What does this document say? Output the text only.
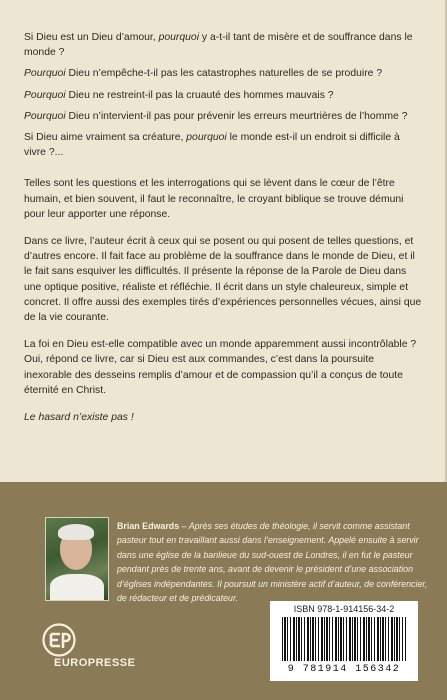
Si Dieu est un Dieu d’amour, pourquoi y a-t-il tant de misère et de souffrance dans le monde ?

Pourquoi Dieu n’empêche-t-il pas les catastrophes naturelles de se produire ?

Pourquoi Dieu ne restreint-il pas la cruauté des hommes mauvais ?

Pourquoi Dieu n’intervient-il pas pour prévenir les erreurs meurtrières de l’homme ?

Si Dieu aime vraiment sa créature, pourquoi le monde est-il un endroit si difficile à vivre ?...

Telles sont les questions et les interrogations qui se lèvent dans le cœur de l’être humain, et bien souvent, il faut le reconnaître, le croyant biblique se trouve démuni pour leur apporter une réponse.

Dans ce livre, l’auteur écrit à ceux qui se posent ou qui posent de telles questions, et d’autres encore. Il fait face au problème de la souffrance dans le monde de Dieu, et il le fait sans esquiver les difficultés. Il présente la réponse de la Parole de Dieu dans une optique positive, réaliste et réfléchie. Il écrit dans un style chaleureux, simple et concret. Il offre aussi des exemples tirés d’expériences personnelles vécues, ainsi que de la vie courante.

La foi en Dieu est-elle compatible avec un monde apparemment aussi incontrôlable ? Oui, répond ce livre, car si Dieu est aux commandes, c’est dans la poursuite inexorable des desseins remplis d’amour et de compassion qu’il a conçus de toute éternité en Christ.

Le hasard n’existe pas !

Brian Edwards – Après ses études de théologie, il servit comme assistant pasteur tout en travaillant aussi dans l’enseignement. Appelé ensuite à servir dans une église de la banlieue du sud-ouest de Londres, il en fut le pasteur pendant près de trente ans, avant de devenir le président d’une association d’églises indépendantes. Il poursuit un ministère actif d’auteur, de conférencier, de rédacteur et de prédicateur.
EUROPRESSE
ISBN 978-1-914156-34-2
9 781914 156342
